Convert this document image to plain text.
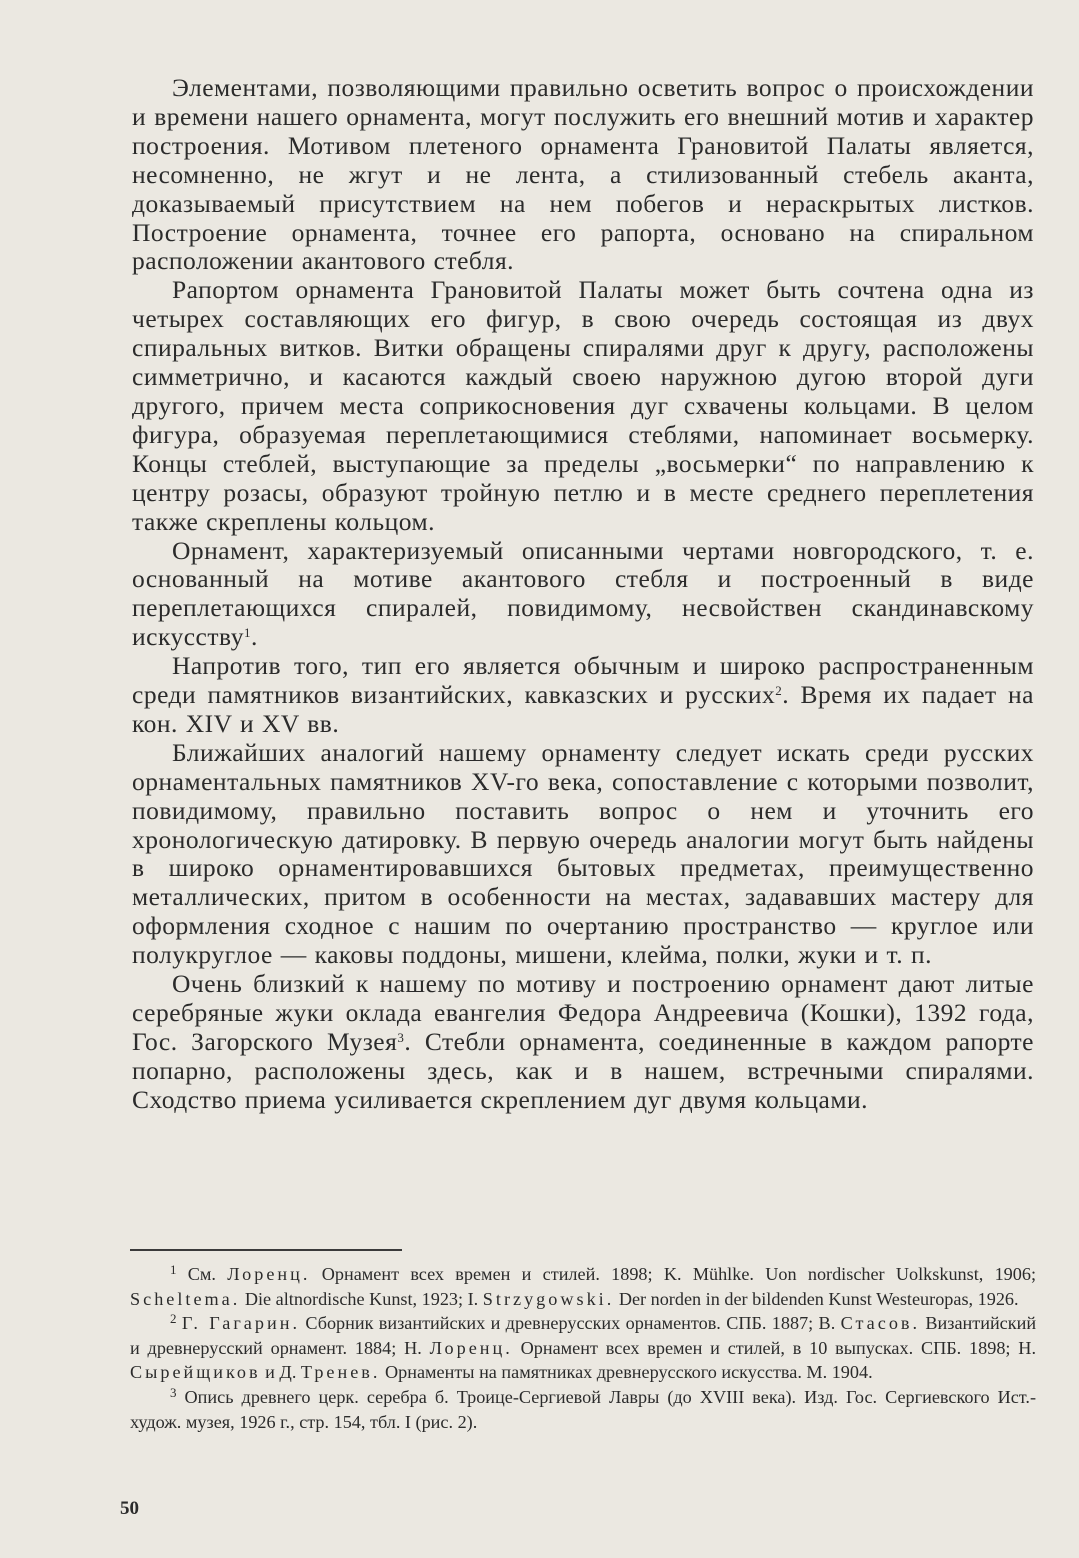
Элементами, позволяющими правильно осветить вопрос о происхождении и времени нашего орнамента, могут послужить его внешний мотив и характер построения. Мотивом плетеного орнамента Грановитой Палаты является, несомненно, не жгут и не лента, а стилизованный стебель аканта, доказываемый присутствием на нем побегов и нераскрытых листков. Построение орнамента, точнее его рапорта, основано на спиральном расположении акантового стебля.

Рапортом орнамента Грановитой Палаты может быть сочтена одна из четырех составляющих его фигур, в свою очередь состоящая из двух спиральных витков. Витки обращены спиралями друг к другу, расположены симметрично, и касаются каждый своею наружною дугою второй дуги другого, причем места соприкосновения дуг схвачены кольцами. В целом фигура, образуемая переплетающимися стеблями, напоминает восьмерку. Концы стеблей, выступающие за пределы „восьмерки“ по направлению к центру розасы, образуют тройную петлю и в месте среднего переплетения также скреплены кольцом.

Орнамент, характеризуемый описанными чертами новгородского, т. е. основанный на мотиве акантового стебля и построенный в виде переплетающихся спиралей, повидимому, несвойствен скандинавскому искусству$^1$.

Напротив того, тип его является обычным и широко распространенным среди памятников византийских, кавказских и русских$^2$. Время их падает на кон. XIV и XV вв.

Ближайших аналогий нашему орнаменту следует искать среди русских орнаментальных памятников XV-го века, сопоставление с которыми позволит, повидимому, правильно поставить вопрос о нем и уточнить его хронологическую датировку. В первую очередь аналогии могут быть найдены в широко орнаментировавшихся бытовых предметах, преимущественно металлических, притом в особенности на местах, задававших мастеру для оформления сходное с нашим по очертанию пространство — круглое или полукруглое — каковы поддоны, мишени, клейма, полки, жуки и т. п.

Очень близкий к нашему по мотиву и построению орнамент дают литые серебряные жуки оклада евангелия Федора Андреевича (Кошки), 1392 года, Гос. Загорского Музея$^3$. Стебли орнамента, соединенные в каждом рапорте попарно, расположены здесь, как и в нашем, встречными спиралями. Сходство приема усиливается скреплением дуг двумя кольцами.

$^1$ См. Лоренц. Орнамент всех времен и стилей. 1898; K. Mühlke. Uon nordischer Uolkskunst, 1906; Scheltema. Die altnordische Kunst, 1923; I. Strzygowski. Der norden in der bildenden Kunst Westeuropas, 1926.

$^2$ Г. Гагарин. Сборник византийских и древнерусских орнаментов. СПБ. 1887; В. Стасов. Византийский и древнерусский орнамент. 1884; Н. Лоренц. Орнамент всех времен и стилей, в 10 выпусках. СПБ. 1898; Н. Сырейщиков и Д. Тренев. Орнаменты на памятниках древнерусского искусства. М. 1904.

$^3$ Опись древнего церк. серебра б. Троице-Сергиевой Лавры (до XVIII века). Изд. Гос. Сергиевского Ист.-худож. музея, 1926 г., стр. 154, тбл. I (рис. 2).

50
